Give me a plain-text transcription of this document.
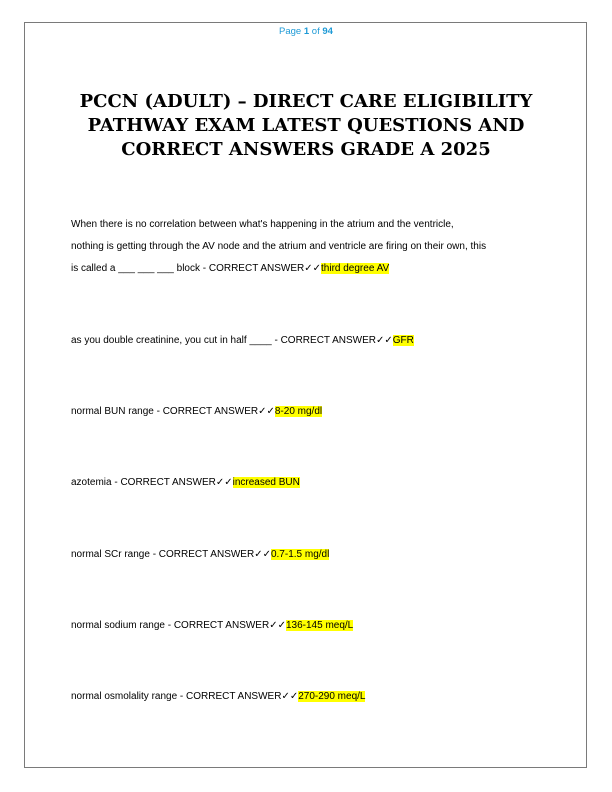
Page 1 of 94
PCCN (ADULT) – DIRECT CARE ELIGIBILITY
PATHWAY EXAM LATEST QUESTIONS AND
CORRECT ANSWERS GRADE A 2025
When there is no correlation between what's happening in the atrium and the ventricle,
nothing is getting through the AV node and the atrium and ventricle are firing on their own, this
is called a ___ ___ ___ block - CORRECT ANSWER✓✓third degree AV
as you double creatinine, you cut in half ____ - CORRECT ANSWER✓✓GFR
normal BUN range - CORRECT ANSWER✓✓8-20 mg/dl
azotemia - CORRECT ANSWER✓✓increased BUN
normal SCr range - CORRECT ANSWER✓✓0.7-1.5 mg/dl
normal sodium range - CORRECT ANSWER✓✓136-145 meq/L
normal osmolality range - CORRECT ANSWER✓✓270-290 meq/L
